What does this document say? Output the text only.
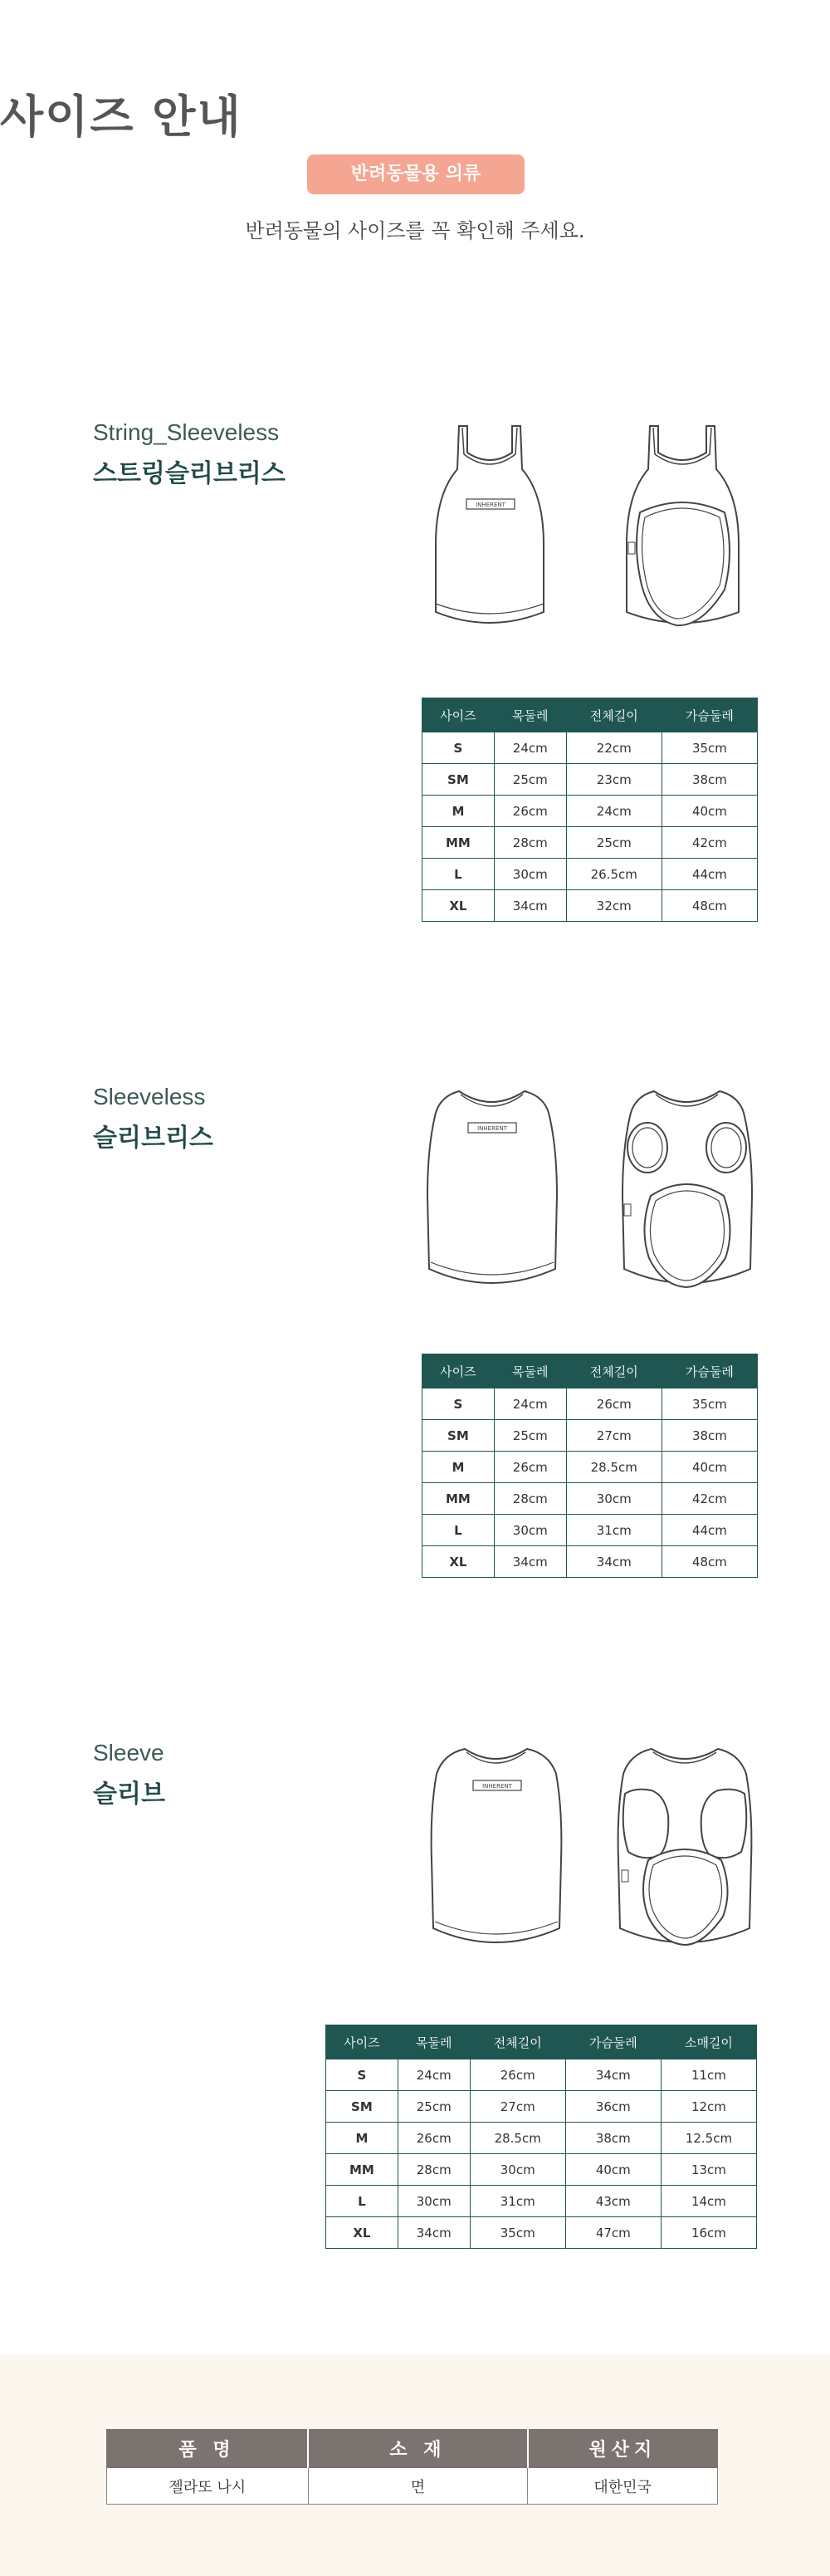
사이즈 안내
반려동물용 의류
반려동물의 사이즈를 꼭 확인해 주세요.
String_Sleeveless
스트링슬리브리스
INHERENT
사이즈	목둘레	전체길이	가슴둘레
S	24cm	22cm	35cm
SM	25cm	23cm	38cm
M	26cm	24cm	40cm
MM	28cm	25cm	42cm
L	30cm	26.5cm	44cm
XL	34cm	32cm	48cm
Sleeveless
슬리브리스	INHERENT
사이즈	목둘레	전체길이	가슴둘레
S	24cm	26cm	35cm
SM	25cm	27cm	38cm
M	26cm	28.5cm	40cm
MM	28cm	30cm	42cm
L	30cm	31cm	44cm
XL	34cm	34cm	48cm
Sleeve
슬리브	INHERENT
사이즈	목둘레	전체길이	가슴둘레	소매길이
S	24cm	26cm	34cm	11cm
SM	25cm	27cm	36cm	12cm
M	26cm	28.5cm	38cm	12.5cm
MM	28cm	30cm	40cm	13cm
L	30cm	31cm	43cm	14cm
XL	34cm	35cm	47cm	16cm
품 명	소 재	원산지
젤라또 나시	면	대한민국
